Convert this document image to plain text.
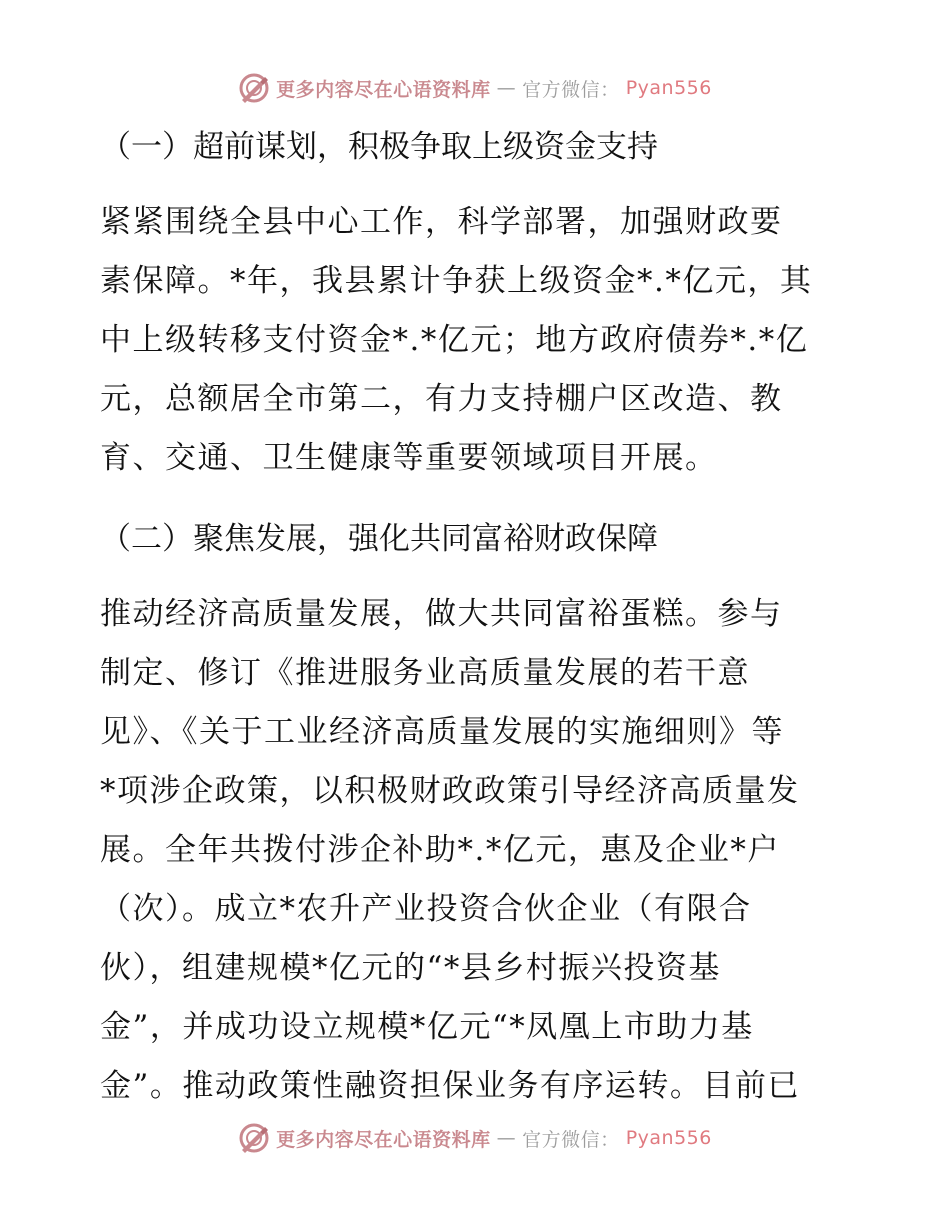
更多内容尽在心语资料库 — 官方微信： Pyan556

（一）超前谋划，积极争取上级资金支持

紧紧围绕全县中心工作，科学部署，加强财政要
素保障。*年，我县累计争获上级资金*.*亿元，其
中上级转移支付资金*.*亿元；地方政府债券*.*亿
元，总额居全市第二，有力支持棚户区改造、教
育、交通、卫生健康等重要领域项目开展。

（二）聚焦发展，强化共同富裕财政保障

推动经济高质量发展，做大共同富裕蛋糕。参与
制定、修订《推进服务业高质量发展的若干意
见》、《关于工业经济高质量发展的实施细则》等
*项涉企政策，以积极财政政策引导经济高质量发
展。全年共拨付涉企补助*.*亿元，惠及企业*户
（次）。成立*农升产业投资合伙企业（有限合
伙），组建规模*亿元的“*县乡村振兴投资基
金”，并成功设立规模*亿元“*凤凰上市助力基
金”。推动政策性融资担保业务有序运转。目前已

更多内容尽在心语资料库 — 官方微信： Pyan556
